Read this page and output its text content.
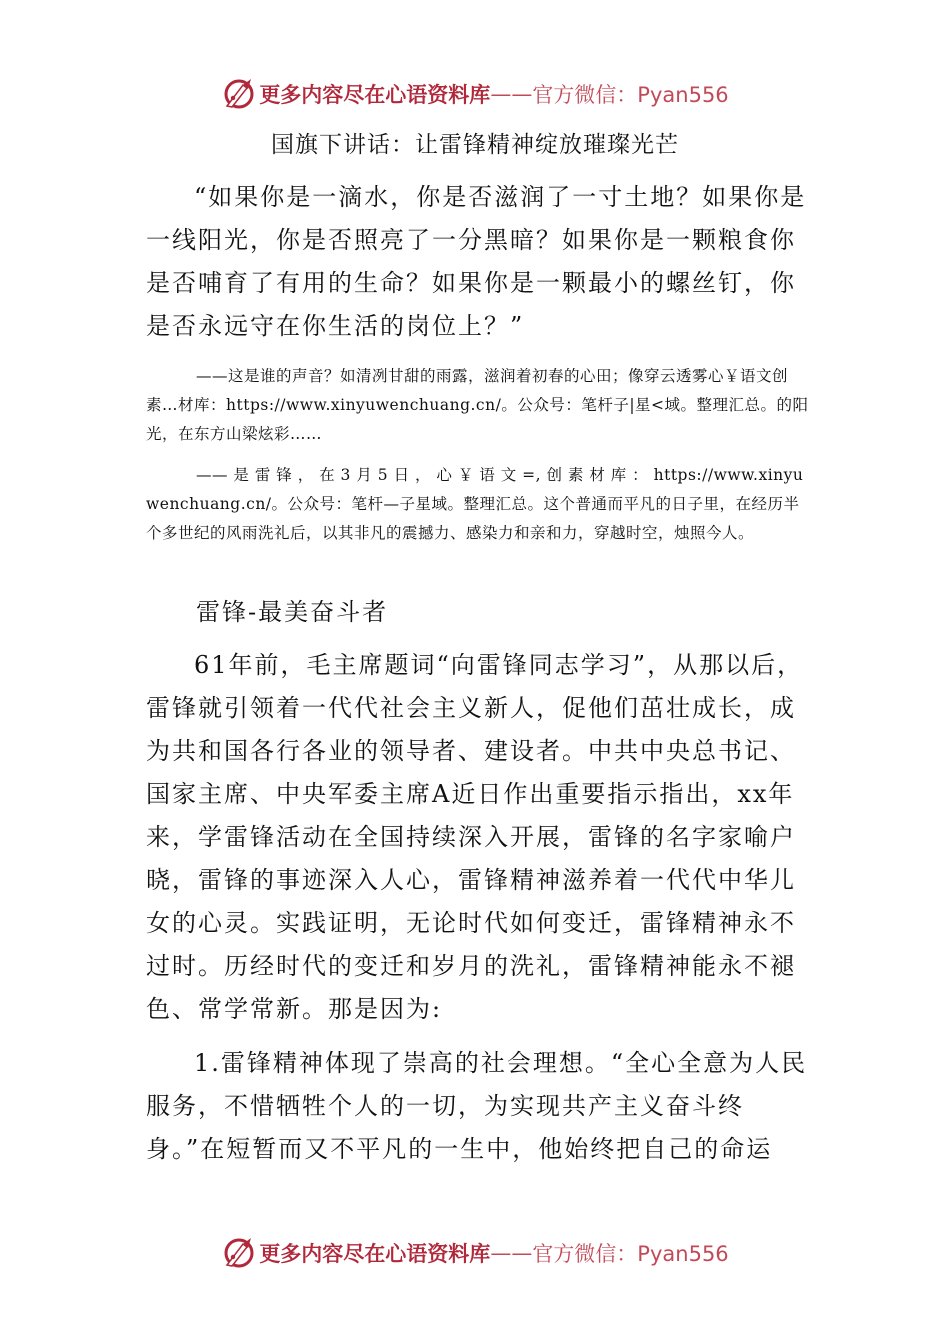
更多内容尽在心语资料库 —— 官方微信：Pyan556
国旗下讲话：让雷锋精神绽放璀璨光芒

“如果你是一滴水，你是否滋润了一寸土地？如果你是一线阳光，你是否照亮了一分黑暗？如果你是一颗粮食你是否哺育了有用的生命？如果你是一颗最小的螺丝钉，你是否永远守在你生活的岗位上？”

——这是谁的声音？如清冽甘甜的雨露，滋润着初春的心田；像穿云透雾心￥语文创素…材库：https://www.xinyuwenchuang.cn/。公众号：笔杆子|星<域。整理汇总。的阳光，在东方山梁炫彩……

—— 是 雷 锋 ， 在 3 月 5 日 ， 心 ￥ 语 文 =, 创 素 材 库 ： https://www.xinyuwenchuang.cn/。公众号：笔杆—子星域。整理汇总。这个普通而平凡的日子里，在经历半个多世纪的风雨洗礼后，以其非凡的震撼力、感染力和亲和力，穿越时空，烛照今人。

雷锋-最美奋斗者

61年前，毛主席题词“向雷锋同志学习”，从那以后，雷锋就引领着一代代社会主义新人，促他们茁壮成长，成为共和国各行各业的领导者、建设者。中共中央总书记、国家主席、中央军委主席A近日作出重要指示指出，xx年来，学雷锋活动在全国持续深入开展，雷锋的名字家喻户晓，雷锋的事迹深入人心，雷锋精神滋养着一代代中华儿女的心灵。实践证明，无论时代如何变迁，雷锋精神永不过时。历经时代的变迁和岁月的洗礼，雷锋精神能永不褪色、常学常新。那是因为:

1.雷锋精神体现了崇高的社会理想。“全心全意为人民服务，不惜牺牲个人的一切，为实现共产主义奋斗终身。”在短暂而又不平凡的一生中，他始终把自己的命运

更多内容尽在心语资料库 —— 官方微信：Pyan556
